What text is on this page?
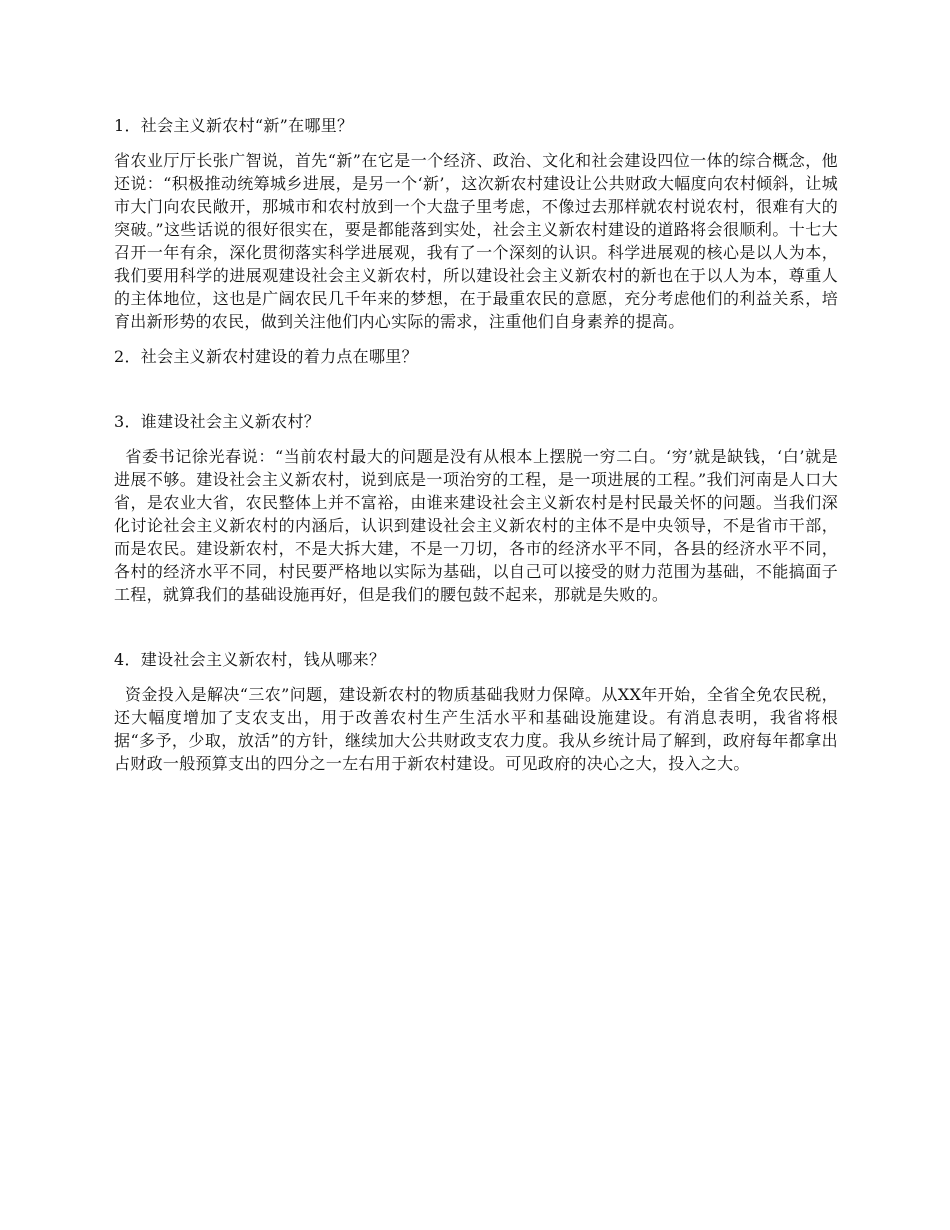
1．社会主义新农村“新”在哪里？

省农业厅厅长张广智说，首先“新”在它是一个经济、政治、文化和社会建设四位一体的综合概念，他还说：“积极推动统筹城乡进展，是另一个‘新’，这次新农村建设让公共财政大幅度向农村倾斜，让城市大门向农民敞开，那城市和农村放到一个大盘子里考虑，不像过去那样就农村说农村，很难有大的突破。”这些话说的很好很实在，要是都能落到实处，社会主义新农村建设的道路将会很顺利。十七大召开一年有余，深化贯彻落实科学进展观，我有了一个深刻的认识。科学进展观的核心是以人为本，我们要用科学的进展观建设社会主义新农村，所以建设社会主义新农村的新也在于以人为本，尊重人的主体地位，这也是广阔农民几千年来的梦想，在于最重农民的意愿，充分考虑他们的利益关系，培育出新形势的农民，做到关注他们内心实际的需求，注重他们自身素养的提高。

2．社会主义新农村建设的着力点在哪里？

3．谁建设社会主义新农村？

省委书记徐光春说：“当前农村最大的问题是没有从根本上摆脱一穷二白。‘穷’就是缺钱，‘白’就是进展不够。建设社会主义新农村，说到底是一项治穷的工程，是一项进展的工程。”我们河南是人口大省，是农业大省，农民整体上并不富裕，由谁来建设社会主义新农村是村民最关怀的问题。当我们深化讨论社会主义新农村的内涵后，认识到建设社会主义新农村的主体不是中央领导，不是省市干部，而是农民。建设新农村，不是大拆大建，不是一刀切，各市的经济水平不同，各县的经济水平不同，各村的经济水平不同，村民要严格地以实际为基础，以自己可以接受的财力范围为基础，不能搞面子工程，就算我们的基础设施再好，但是我们的腰包鼓不起来，那就是失败的。

4．建设社会主义新农村，钱从哪来？

资金投入是解决“三农”问题，建设新农村的物质基础我财力保障。从XX年开始，全省全免农民税，还大幅度增加了支农支出，用于改善农村生产生活水平和基础设施建设。有消息表明，我省将根据“多予，少取，放活”的方针，继续加大公共财政支农力度。我从乡统计局了解到，政府每年都拿出占财政一般预算支出的四分之一左右用于新农村建设。可见政府的决心之大，投入之大。
